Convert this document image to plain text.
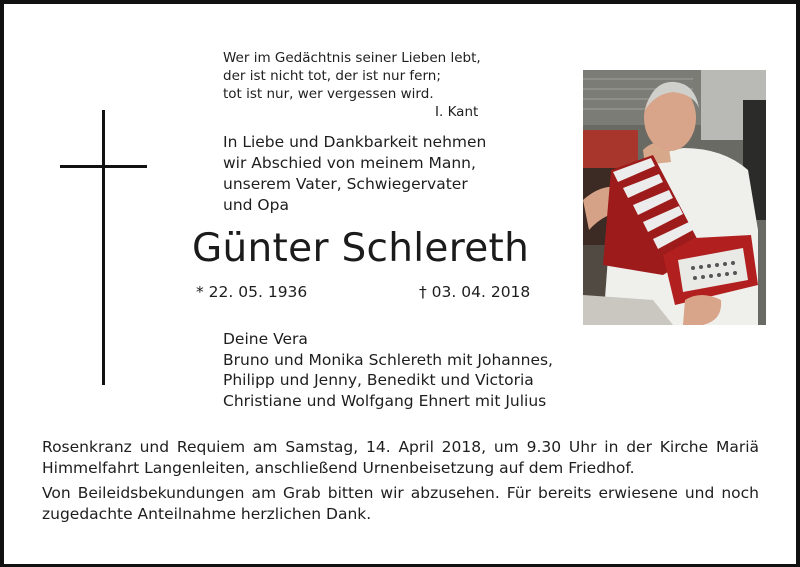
Wer im Gedächtnis seiner Lieben lebt,
der ist nicht tot, der ist nur fern;
tot ist nur, wer vergessen wird.
I. Kant
In Liebe und Dankbarkeit nehmen
wir Abschied von meinem Mann,
unserem Vater, Schwiegervater
und Opa
Günter Schlereth
* 22. 05. 1936	† 03. 04. 2018
Deine Vera
Bruno und Monika Schlereth mit Johannes,
Philipp und Jenny, Benedikt und Victoria
Christiane und Wolfgang Ehnert mit Julius

Rosenkranz und Requiem am Samstag, 14. April 2018, um 9.30 Uhr in der Kirche Mariä Himmelfahrt Langenleiten, anschließend Urnenbeisetzung auf dem Friedhof.

Von Beileidsbekundungen am Grab bitten wir abzusehen. Für bereits erwiesene und noch zugedachte Anteilnahme herzlichen Dank.
